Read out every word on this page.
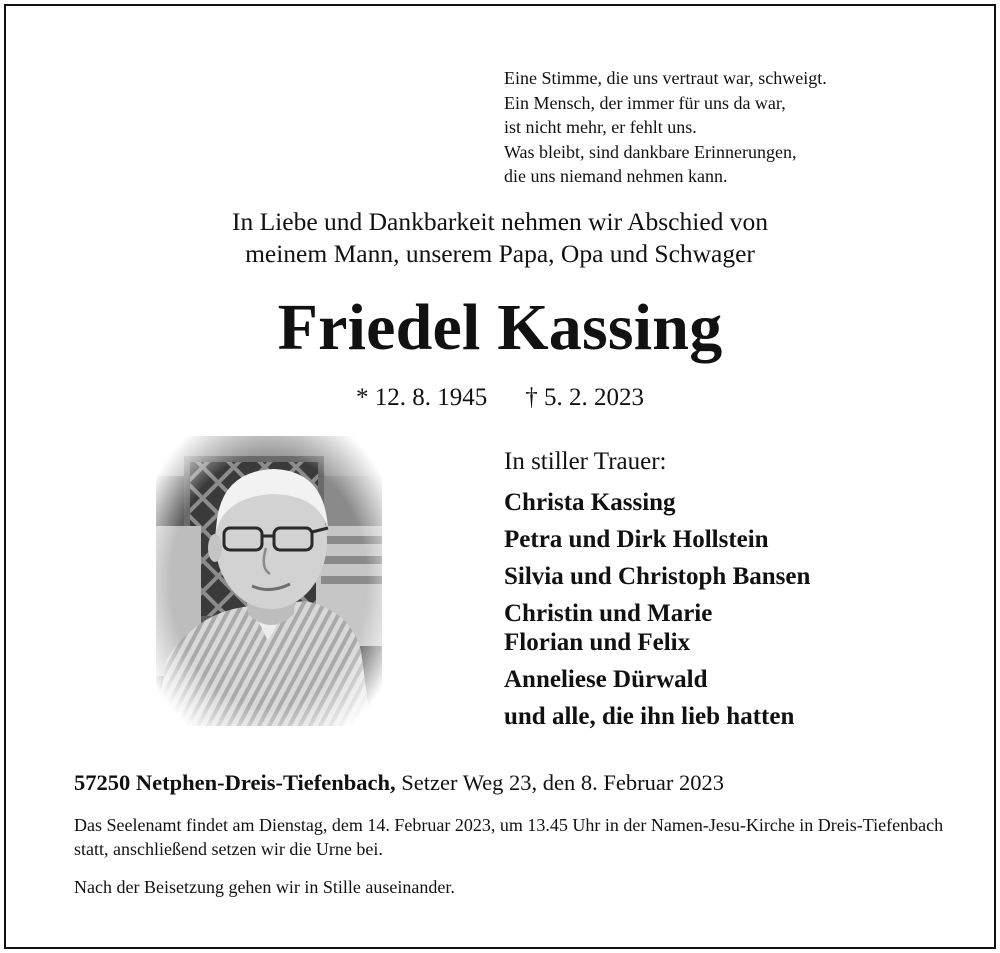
Eine Stimme, die uns vertraut war, schweigt.
Ein Mensch, der immer für uns da war,
ist nicht mehr, er fehlt uns.
Was bleibt, sind dankbare Erinnerungen,
die uns niemand nehmen kann.
In Liebe und Dankbarkeit nehmen wir Abschied von
meinem Mann, unserem Papa, Opa und Schwager
Friedel Kassing
* 12. 8. 1945 † 5. 2. 2023
In stiller Trauer:
Christa Kassing
Petra und Dirk Hollstein
Silvia und Christoph Bansen
Christin und Marie
Florian und Felix
Anneliese Dürwald
und alle, die ihn lieb hatten
57250 Netphen-Dreis-Tiefenbach, Setzer Weg 23, den 8. Februar 2023

Das Seelenamt findet am Dienstag, dem 14. Februar 2023, um 13.45 Uhr in der Namen-Jesu-Kirche in Dreis-Tiefenbach statt, anschließend setzen wir die Urne bei.

Nach der Beisetzung gehen wir in Stille auseinander.
